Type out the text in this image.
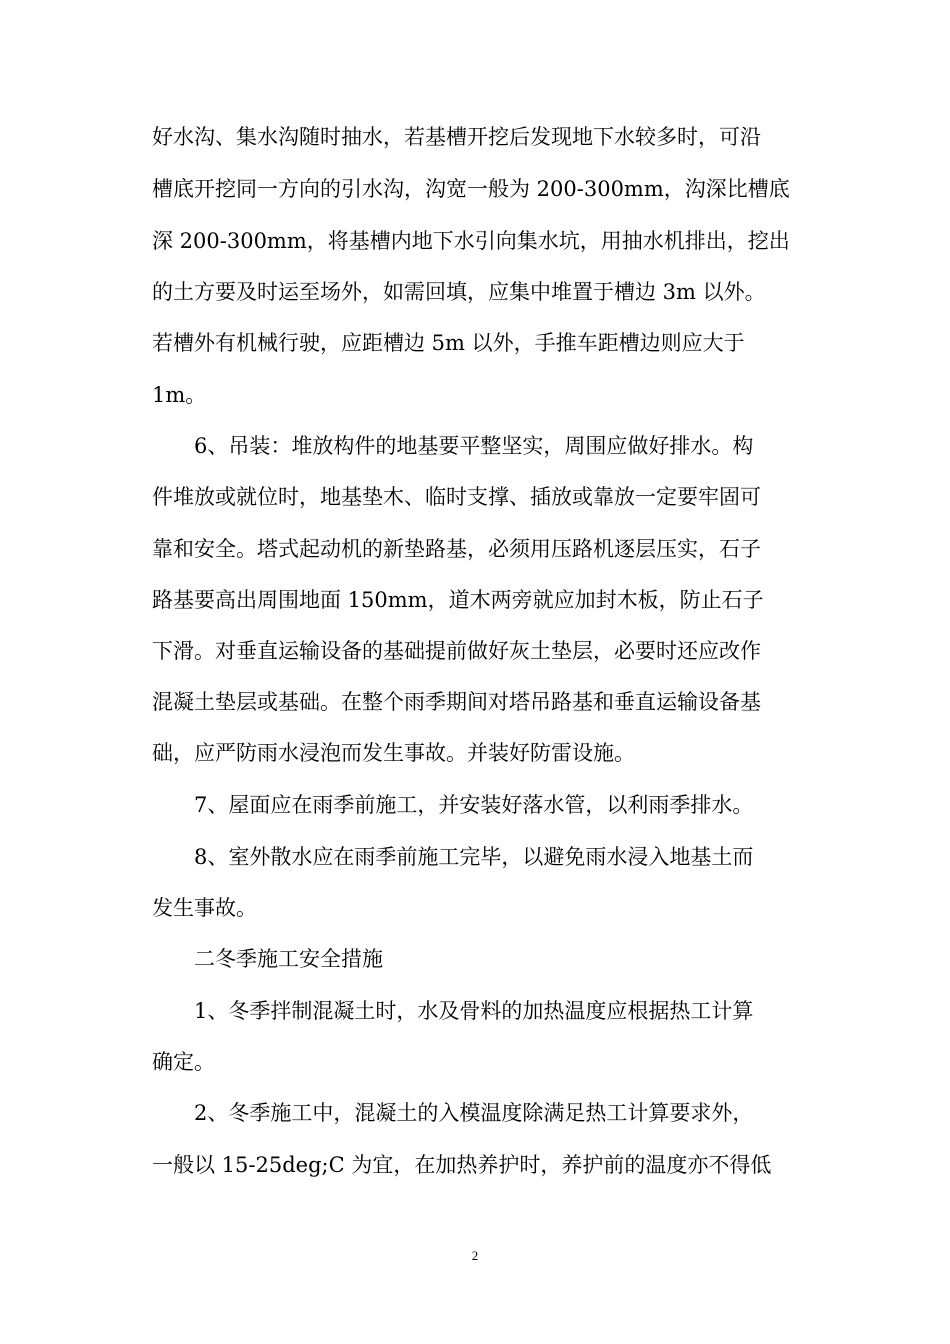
好水沟、集水沟随时抽水，若基槽开挖后发现地下水较多时，可沿
槽底开挖同一方向的引水沟，沟宽一般为 200-300mm，沟深比槽底
深 200-300mm，将基槽内地下水引向集水坑，用抽水机排出，挖出
的土方要及时运至场外，如需回填，应集中堆置于槽边 3m 以外。
若槽外有机械行驶，应距槽边 5m 以外，手推车距槽边则应大于
1m。
6、吊装：堆放构件的地基要平整坚实，周围应做好排水。构
件堆放或就位时，地基垫木、临时支撑、插放或靠放一定要牢固可
靠和安全。塔式起动机的新垫路基，必须用压路机逐层压实，石子
路基要高出周围地面 150mm，道木两旁就应加封木板，防止石子
下滑。对垂直运输设备的基础提前做好灰土垫层，必要时还应改作
混凝土垫层或基础。在整个雨季期间对塔吊路基和垂直运输设备基
础，应严防雨水浸泡而发生事故。并装好防雷设施。
7、屋面应在雨季前施工，并安装好落水管，以利雨季排水。
8、室外散水应在雨季前施工完毕，以避免雨水浸入地基土而
发生事故。
二冬季施工安全措施
1、冬季拌制混凝土时，水及骨料的加热温度应根据热工计算
确定。
2、冬季施工中，混凝土的入模温度除满足热工计算要求外，
一般以 15-25deg;C 为宜，在加热养护时，养护前的温度亦不得低
2
